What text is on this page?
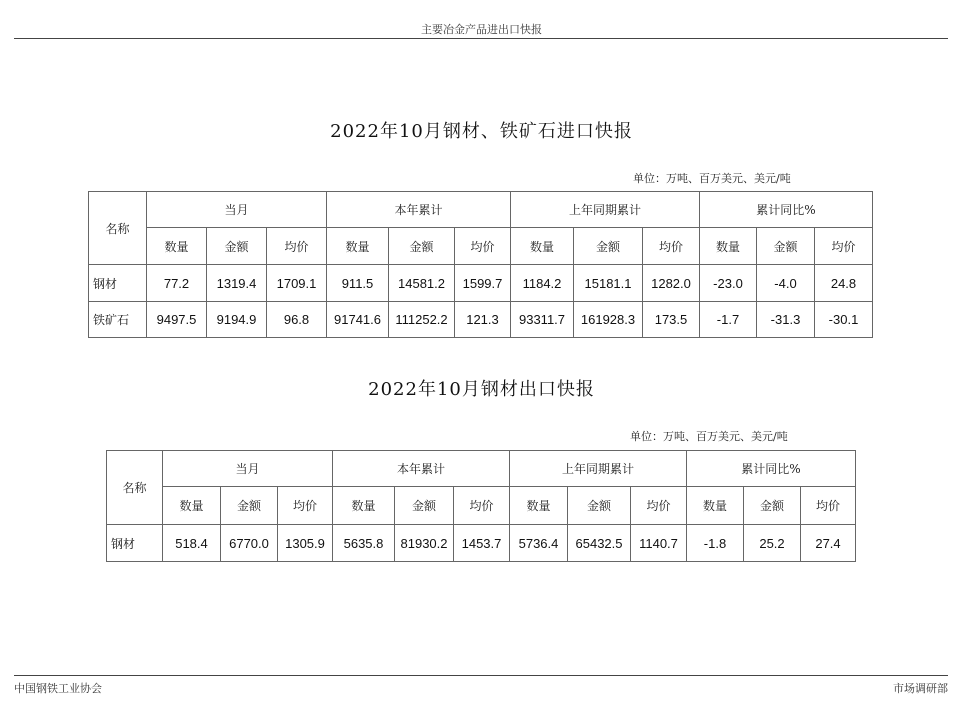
主要冶金产品进出口快报
2022年10月钢材、铁矿石进口快报
单位：万吨、百万美元、美元/吨
名称	当月			本年累计			上年同期累计			累计同比%		
	数量	金额	均价	数量	金额	均价	数量	金额	均价	数量	金额	均价
钢材	77.2	1319.4	1709.1	911.5	14581.2	1599.7	1184.2	15181.1	1282.0	-23.0	-4.0	24.8
铁矿石	9497.5	9194.9	96.8	91741.6	111252.2	121.3	93311.7	161928.3	173.5	-1.7	-31.3	-30.1
2022年10月钢材出口快报
单位：万吨、百万美元、美元/吨
名称	当月			本年累计			上年同期累计			累计同比%		
	数量	金额	均价	数量	金额	均价	数量	金额	均价	数量	金额	均价
钢材	518.4	6770.0	1305.9	5635.8	81930.2	1453.7	5736.4	65432.5	1140.7	-1.8	25.2	27.4
中国钢铁工业协会	市场调研部
